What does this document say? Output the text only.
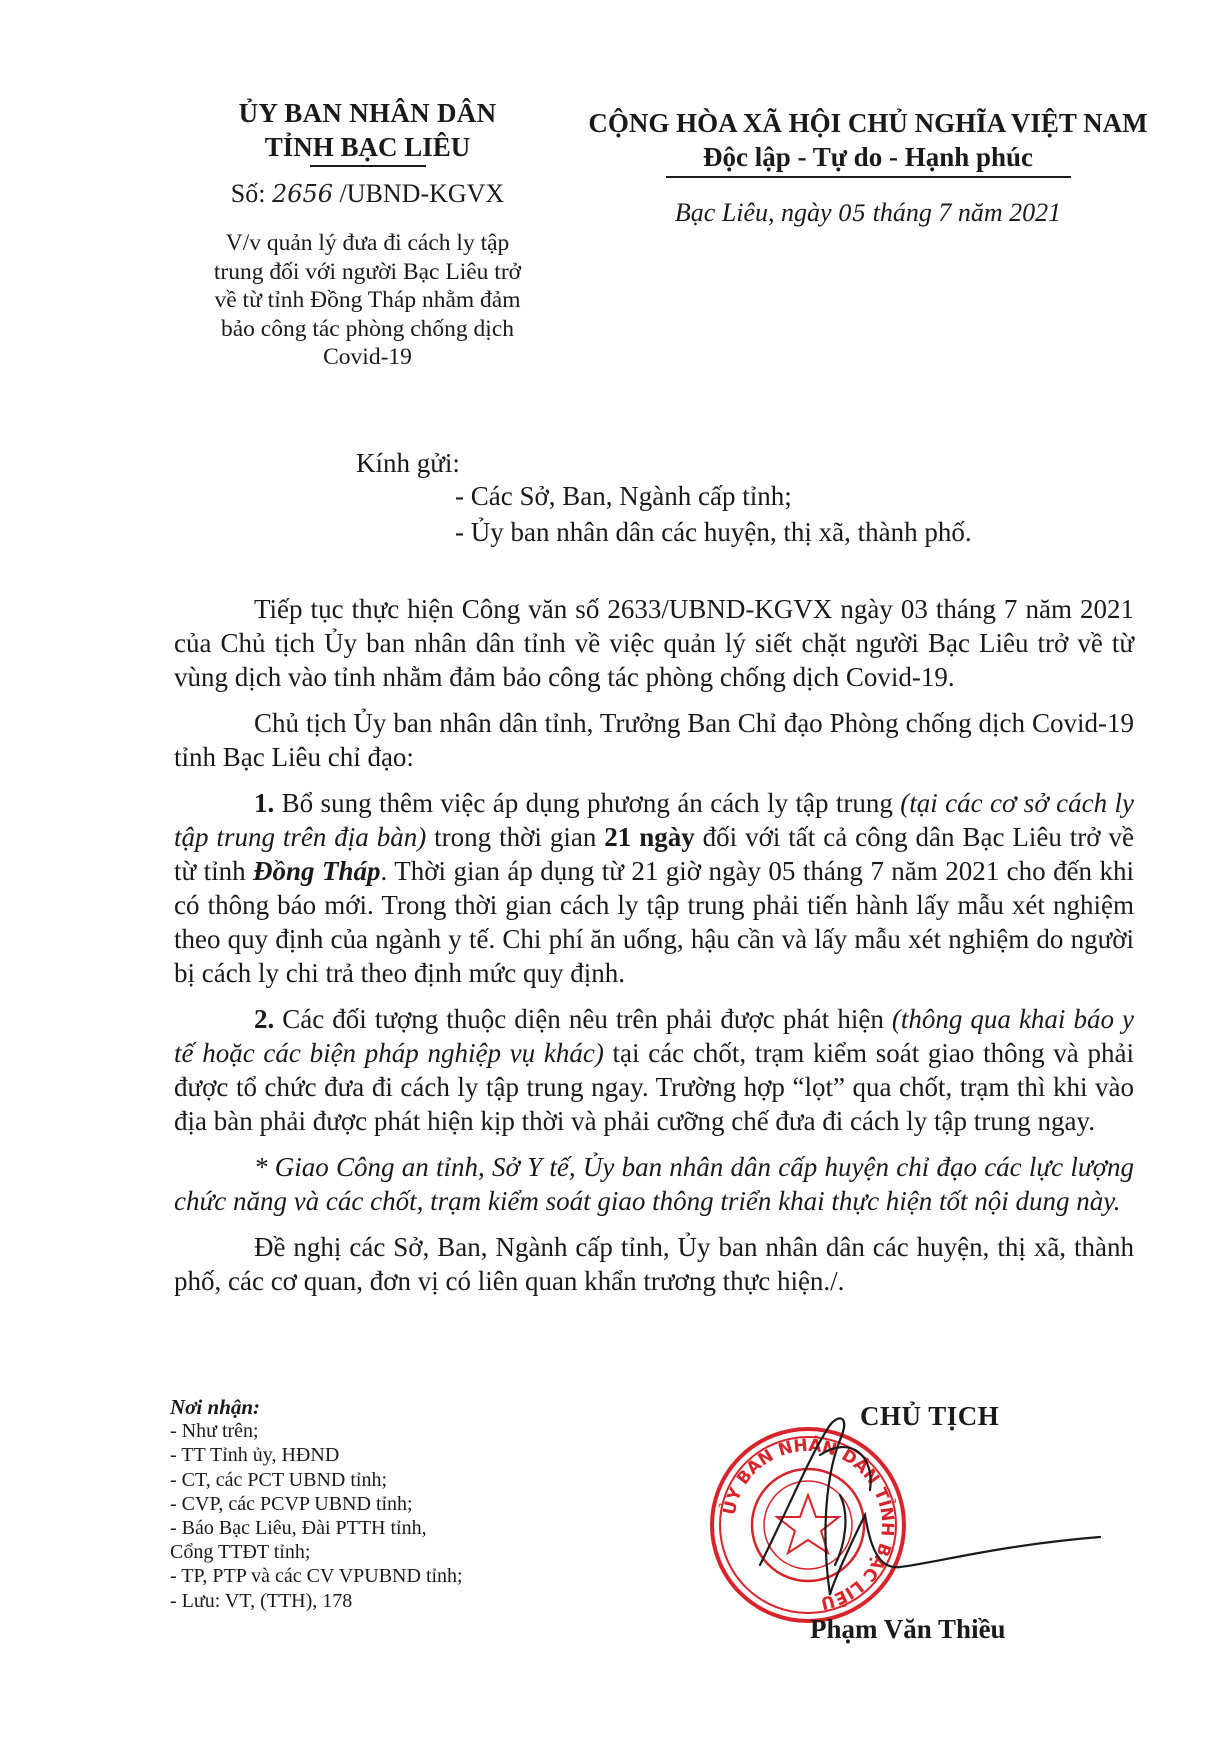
ỦY BAN NHÂN DÂN
TỈNH BẠC LIÊU
Số: 2656 /UBND-KGVX
V/v quản lý đưa đi cách ly tập
trung đối với người Bạc Liêu trở
về từ tỉnh Đồng Tháp nhằm đảm
bảo công tác phòng chống dịch
Covid-19
CỘNG HÒA XÃ HỘI CHỦ NGHĨA VIỆT NAM
Độc lập - Tự do - Hạnh phúc
Bạc Liêu, ngày 05 tháng 7 năm 2021
Kính gửi:
- Các Sở, Ban, Ngành cấp tỉnh;
- Ủy ban nhân dân các huyện, thị xã, thành phố.

Tiếp tục thực hiện Công văn số 2633/UBND-KGVX ngày 03 tháng 7 năm 2021 của Chủ tịch Ủy ban nhân dân tỉnh về việc quản lý siết chặt người Bạc Liêu trở về từ vùng dịch vào tỉnh nhằm đảm bảo công tác phòng chống dịch Covid-19.

Chủ tịch Ủy ban nhân dân tỉnh, Trưởng Ban Chỉ đạo Phòng chống dịch Covid-19 tỉnh Bạc Liêu chỉ đạo:

1. Bổ sung thêm việc áp dụng phương án cách ly tập trung (tại các cơ sở cách ly tập trung trên địa bàn) trong thời gian 21 ngày đối với tất cả công dân Bạc Liêu trở về từ tỉnh Đồng Tháp. Thời gian áp dụng từ 21 giờ ngày 05 tháng 7 năm 2021 cho đến khi có thông báo mới. Trong thời gian cách ly tập trung phải tiến hành lấy mẫu xét nghiệm theo quy định của ngành y tế. Chi phí ăn uống, hậu cần và lấy mẫu xét nghiệm do người bị cách ly chi trả theo định mức quy định.

2. Các đối tượng thuộc diện nêu trên phải được phát hiện (thông qua khai báo y tế hoặc các biện pháp nghiệp vụ khác) tại các chốt, trạm kiểm soát giao thông và phải được tổ chức đưa đi cách ly tập trung ngay. Trường hợp “lọt” qua chốt, trạm thì khi vào địa bàn phải được phát hiện kịp thời và phải cưỡng chế đưa đi cách ly tập trung ngay.

* Giao Công an tỉnh, Sở Y tế, Ủy ban nhân dân cấp huyện chỉ đạo các lực lượng chức năng và các chốt, trạm kiểm soát giao thông triển khai thực hiện tốt nội dung này.

Đề nghị các Sở, Ban, Ngành cấp tỉnh, Ủy ban nhân dân các huyện, thị xã, thành phố, các cơ quan, đơn vị có liên quan khẩn trương thực hiện./.

Nơi nhận:
- Như trên;
- TT Tỉnh ủy, HĐND
- CT, các PCT UBND tỉnh;
- CVP, các PCVP UBND tỉnh;
- Báo Bạc Liêu, Đài PTTH tỉnh,
Cổng TTĐT tỉnh;
- TP, PTP và các CV VPUBND tỉnh;
- Lưu: VT, (TTH), 178
ỦY BAN NHÂN DÂN TỈNH BẠC LIÊU
CHỦ TỊCH
Phạm Văn Thiều
